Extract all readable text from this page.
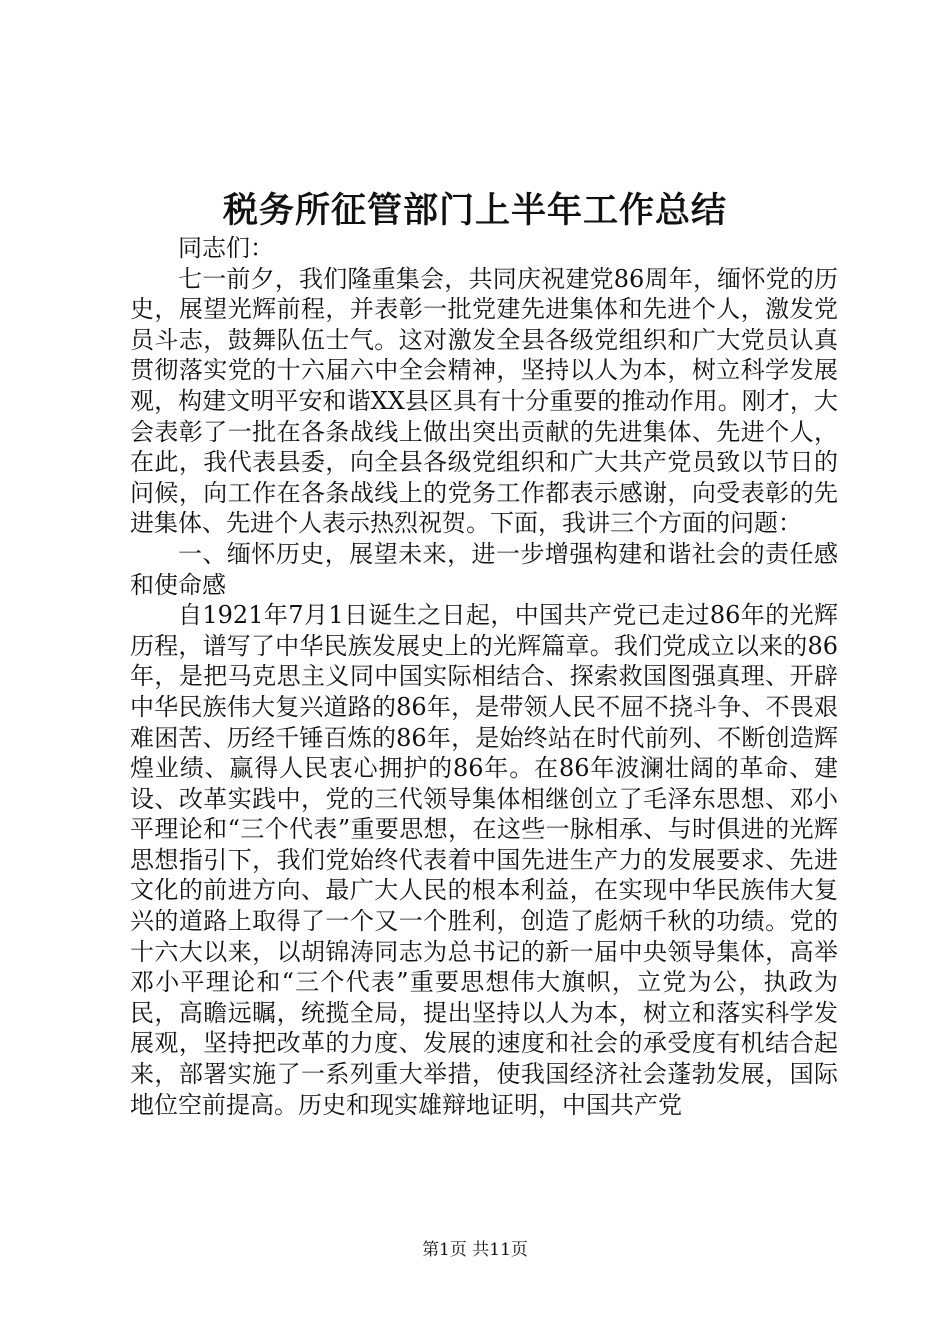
税务所征管部门上半年工作总结

同志们：

七一前夕，我们隆重集会，共同庆祝建党86周年，缅怀党的历史，展望光辉前程，并表彰一批党建先进集体和先进个人，激发党员斗志，鼓舞队伍士气。这对激发全县各级党组织和广大党员认真贯彻落实党的十六届六中全会精神，坚持以人为本，树立科学发展观，构建文明平安和谐XX县区具有十分重要的推动作用。刚才，大会表彰了一批在各条战线上做出突出贡献的先进集体、先进个人，在此，我代表县委，向全县各级党组织和广大共产党员致以节日的问候，向工作在各条战线上的党务工作都表示感谢，向受表彰的先进集体、先进个人表示热烈祝贺。下面，我讲三个方面的问题：

一、缅怀历史，展望未来，进一步增强构建和谐社会的责任感和使命感

自1921年7月1日诞生之日起，中国共产党已走过86年的光辉历程，谱写了中华民族发展史上的光辉篇章。我们党成立以来的86年，是把马克思主义同中国实际相结合、探索救国图强真理、开辟中华民族伟大复兴道路的86年，是带领人民不屈不挠斗争、不畏艰难困苦、历经千锤百炼的86年，是始终站在时代前列、不断创造辉煌业绩、赢得人民衷心拥护的86年。在86年波澜壮阔的革命、建设、改革实践中，党的三代领导集体相继创立了毛泽东思想、邓小平理论和“三个代表”重要思想，在这些一脉相承、与时俱进的光辉思想指引下，我们党始终代表着中国先进生产力的发展要求、先进文化的前进方向、最广大人民的根本利益，在实现中华民族伟大复兴的道路上取得了一个又一个胜利，创造了彪炳千秋的功绩。党的十六大以来，以胡锦涛同志为总书记的新一届中央领导集体，高举邓小平理论和“三个代表”重要思想伟大旗帜，立党为公，执政为民，高瞻远瞩，统揽全局，提出坚持以人为本，树立和落实科学发展观，坚持把改革的力度、发展的速度和社会的承受度有机结合起来，部署实施了一系列重大举措，使我国经济社会蓬勃发展，国际地位空前提高。历史和现实雄辩地证明，中国共产党

第1页 共11页
